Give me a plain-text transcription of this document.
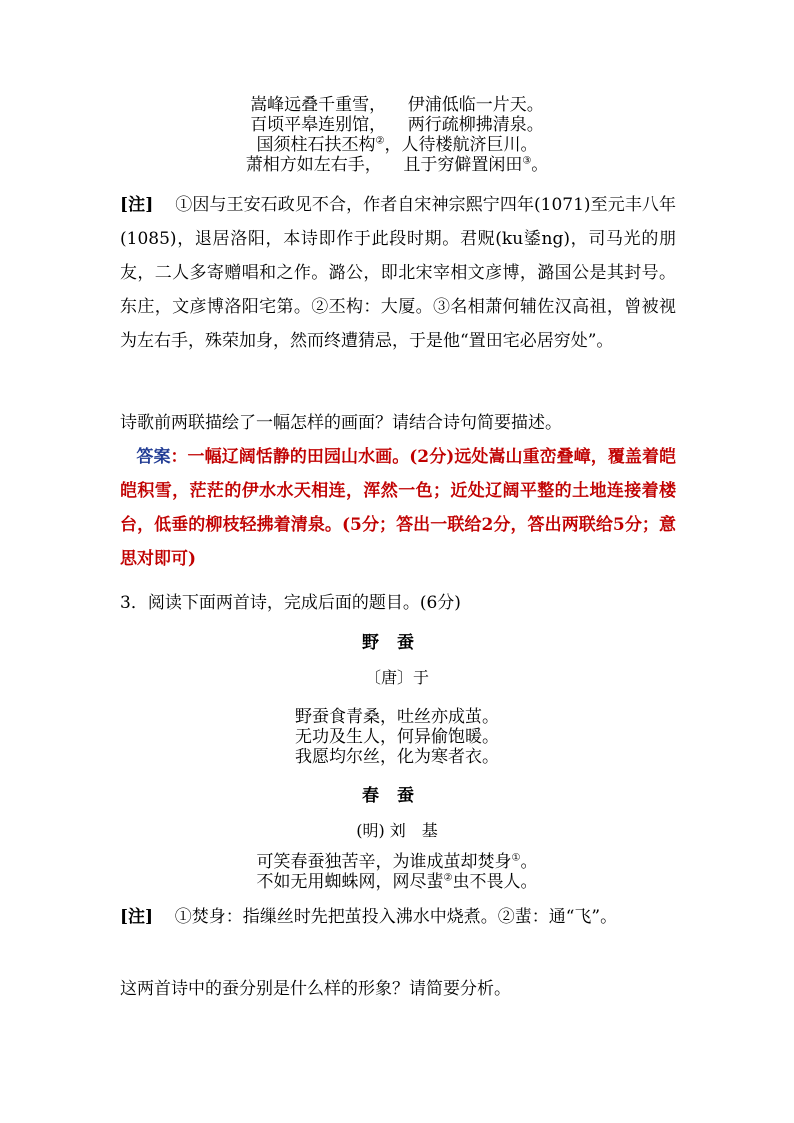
嵩峰远叠千重雪，    伊浦低临一片天。
百顷平皋连别馆，    两行疏柳拂清泉。
国须柱石扶丕构②，人待楼航济巨川。
萧相方如左右手，    且于穷僻置闲田③。
[注] ①因与王安石政见不合，作者自宋神宗熙宁四年(1071)至元丰八年(1085)，退居洛阳，本诗即作于此段时期。君贶(ku鋈ng)，司马光的朋友，二人多寄赠唱和之作。潞公，即北宋宰相文彦博，潞国公是其封号。东庄，文彦博洛阳宅第。②丕构：大厦。③名相萧何辅佐汉高祖，曾被视为左右手，殊荣加身，然而终遭猜忌，于是他“置田宅必居穷处”。
诗歌前两联描绘了一幅怎样的画面？请结合诗句简要描述。
答案：一幅辽阔恬静的田园山水画。(2分)远处嵩山重峦叠嶂，覆盖着皑皑积雪，茫茫的伊水水天相连，浑然一色；近处辽阔平整的土地连接着楼台，低垂的柳枝轻拂着清泉。(5分；答出一联给2分，答出两联给5分；意思对即可)
3．阅读下面两首诗，完成后面的题目。(6分)
野蚕
〔唐〕于
野蚕食青桑，吐丝亦成茧。
无功及生人，何异偷饱暖。
我愿均尔丝，化为寒者衣。
春蚕
(明) 刘　基
可笑春蚕独苦辛，为谁成茧却焚身①。
不如无用蜘蛛网，网尽蜚②虫不畏人。
[注] ①焚身：指缫丝时先把茧投入沸水中烧煮。②蜚：通“飞”。
这两首诗中的蚕分别是什么样的形象？请简要分析。
